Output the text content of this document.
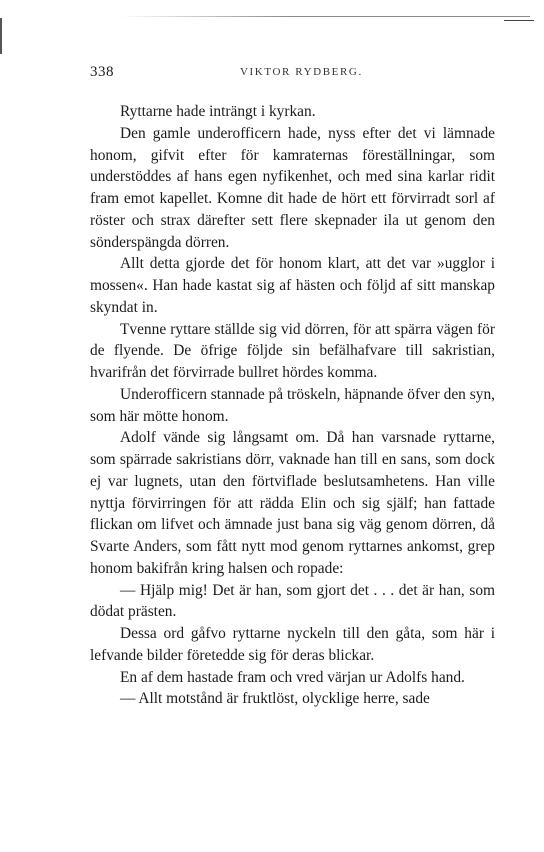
338	VIKTOR RYDBERG.

Ryttarne hade inträngt i kyrkan.

Den gamle underofficern hade, nyss efter det vi lämnade honom, gifvit efter för kamraternas föreställningar, som understöddes af hans egen nyfikenhet, och med sina karlar ridit fram emot kapellet. Komne dit hade de hört ett förvirradt sorl af röster och strax därefter sett flere skepnader ila ut genom den sönderspängda dörren.

Allt detta gjorde det för honom klart, att det var »ugglor i mossen«. Han hade kastat sig af hästen och följd af sitt manskap skyndat in.

Tvenne ryttare ställde sig vid dörren, för att spärra vägen för de flyende. De öfrige följde sin befälhafvare till sakristian, hvarifrån det förvirrade bullret hördes komma.

Underofficern stannade på tröskeln, häpnande öfver den syn, som här mötte honom.

Adolf vände sig långsamt om. Då han varsnade ryttarne, som spärrade sakristians dörr, vaknade han till en sans, som dock ej var lugnets, utan den förtviflade beslutsamhetens. Han ville nyttja förvirringen för att rädda Elin och sig själf; han fattade flickan om lifvet och ämnade just bana sig väg genom dörren, då Svarte Anders, som fått nytt mod genom ryttarnes ankomst, grep honom bakifrån kring halsen och ropade:

— Hjälp mig! Det är han, som gjort det . . . det är han, som dödat prästen.

Dessa ord gåfvo ryttarne nyckeln till den gåta, som här i lefvande bilder företedde sig för deras blickar.

En af dem hastade fram och vred värjan ur Adolfs hand.

— Allt motstånd är fruktlöst, olycklige herre, sade
